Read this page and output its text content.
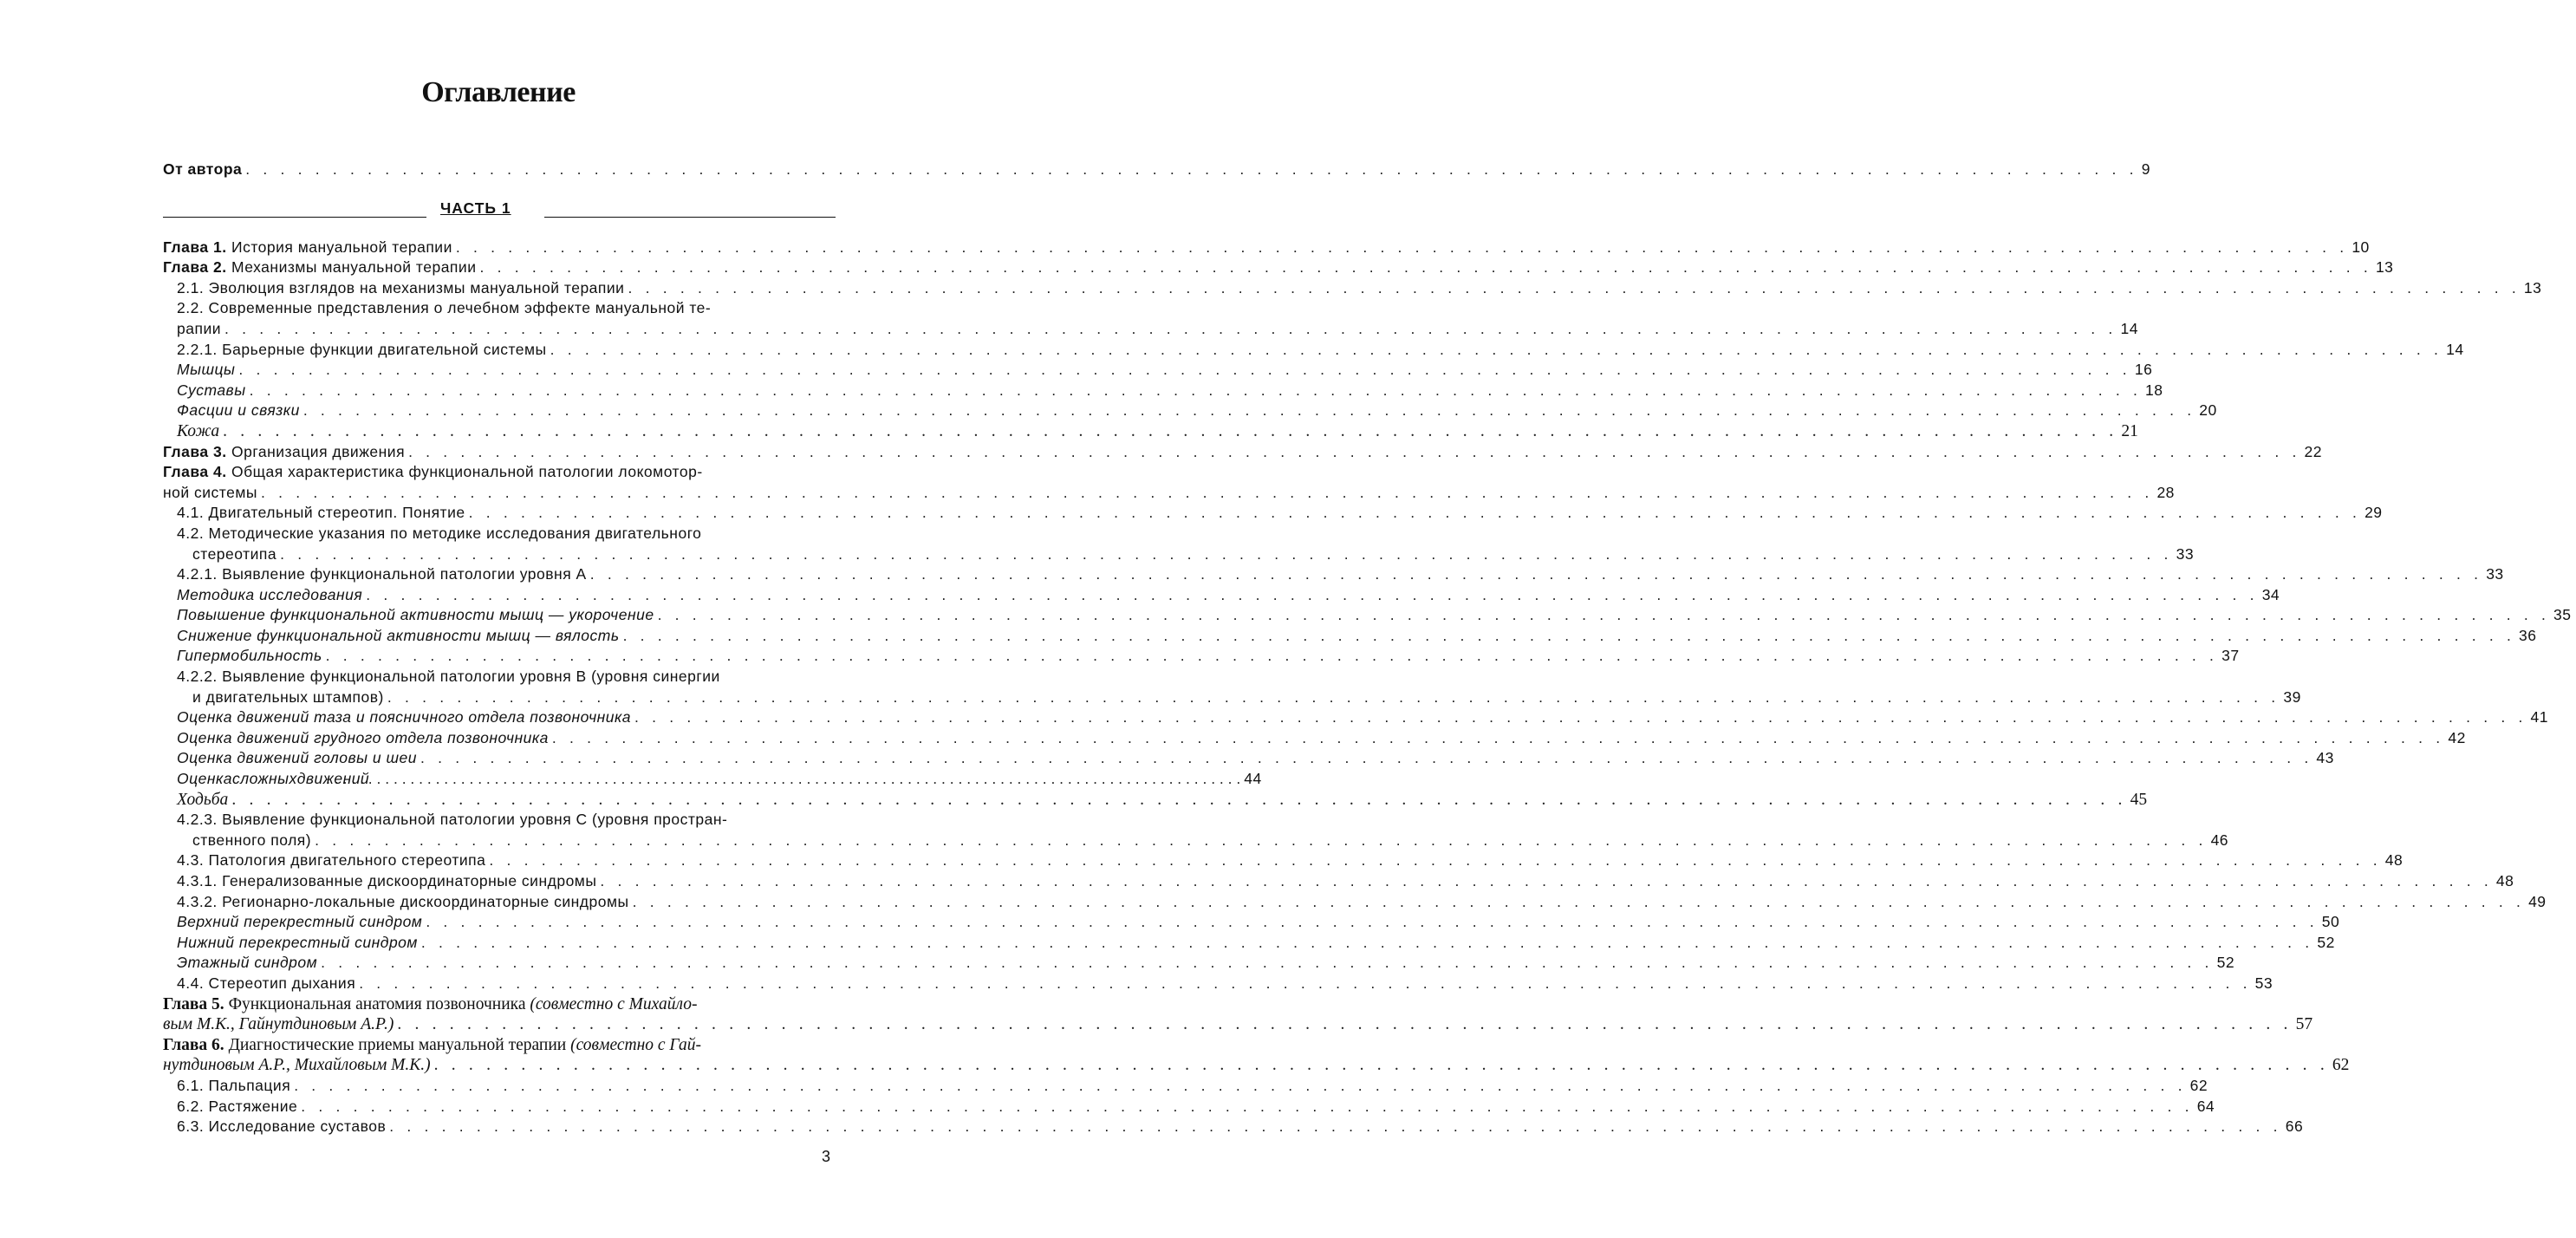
Оглавление
От автора . . .	9
ЧАСТЬ 1
Глава 1. История мануальной терапии . . .	10
Глава 2. Механизмы мануальной терапии . . .	13
2.1. Эволюция взглядов на механизмы мануальной терапии . . .	13
2.2. Современные представления о лечебном эффекте мануальной те-
рапии . . .	14
2.2.1. Барьерные функции двигательной системы . . .	14
Мышцы . . .	16
Суставы . . .	18
Фасции и связки . . .	20
Кожа . . .	21
Глава 3. Организация движения . . .	22
Глава 4. Общая характеристика функциональной патологии локомотор-
ной системы . . .	28
4.1. Двигательный стереотип. Понятие . . .	29
4.2. Методические указания по методике исследования двигательного
стереотипа . . .	33
4.2.1. Выявление функциональной патологии уровня А . . .	33
Методика исследования . . .	34
Повышение функциональной активности мышц — укорочение . . .	35
Снижение функциональной активности мышц — вялость . . .	36
Гипермобильность . . .	37
4.2.2. Выявление функциональной патологии уровня В (уровня синергии
и двигательных штампов) . . .	39
Оценка движений таза и поясничного отдела позвоночника . . .	41
Оценка движений грудного отдела позвоночника . . .	42
Оценка движений головы и шеи . . .	43
Оценка сложных движений . . .	44
Ходьба . . .	45
4.2.3. Выявление функциональной патологии уровня С (уровня простран-
ственного поля) . . .	46
4.3. Патология двигательного стереотипа . . .	48
4.3.1. Генерализованные дискоординаторные синдромы . . .	48
4.3.2. Регионарно-локальные дискоординаторные синдромы . . .	49
Верхний перекрестный синдром . . .	50
Нижний перекрестный синдром . . .	52
Этажный синдром . . .	52
4.4. Стереотип дыхания . . .	53
Глава 5. Функциональная анатомия позвоночника (совместно с Михайло-
вым М.К., Гайнутдиновым А.Р.) . . .	57
Глава 6. Диагностические приемы мануальной терапии (совместно с Гай-
нутдиновым А.Р., Михайловым М.К.) . . .	62
6.1. Пальпация . . .	62
6.2. Растяжение . . .	64
6.3. Исследование суставов . . .	66
3
